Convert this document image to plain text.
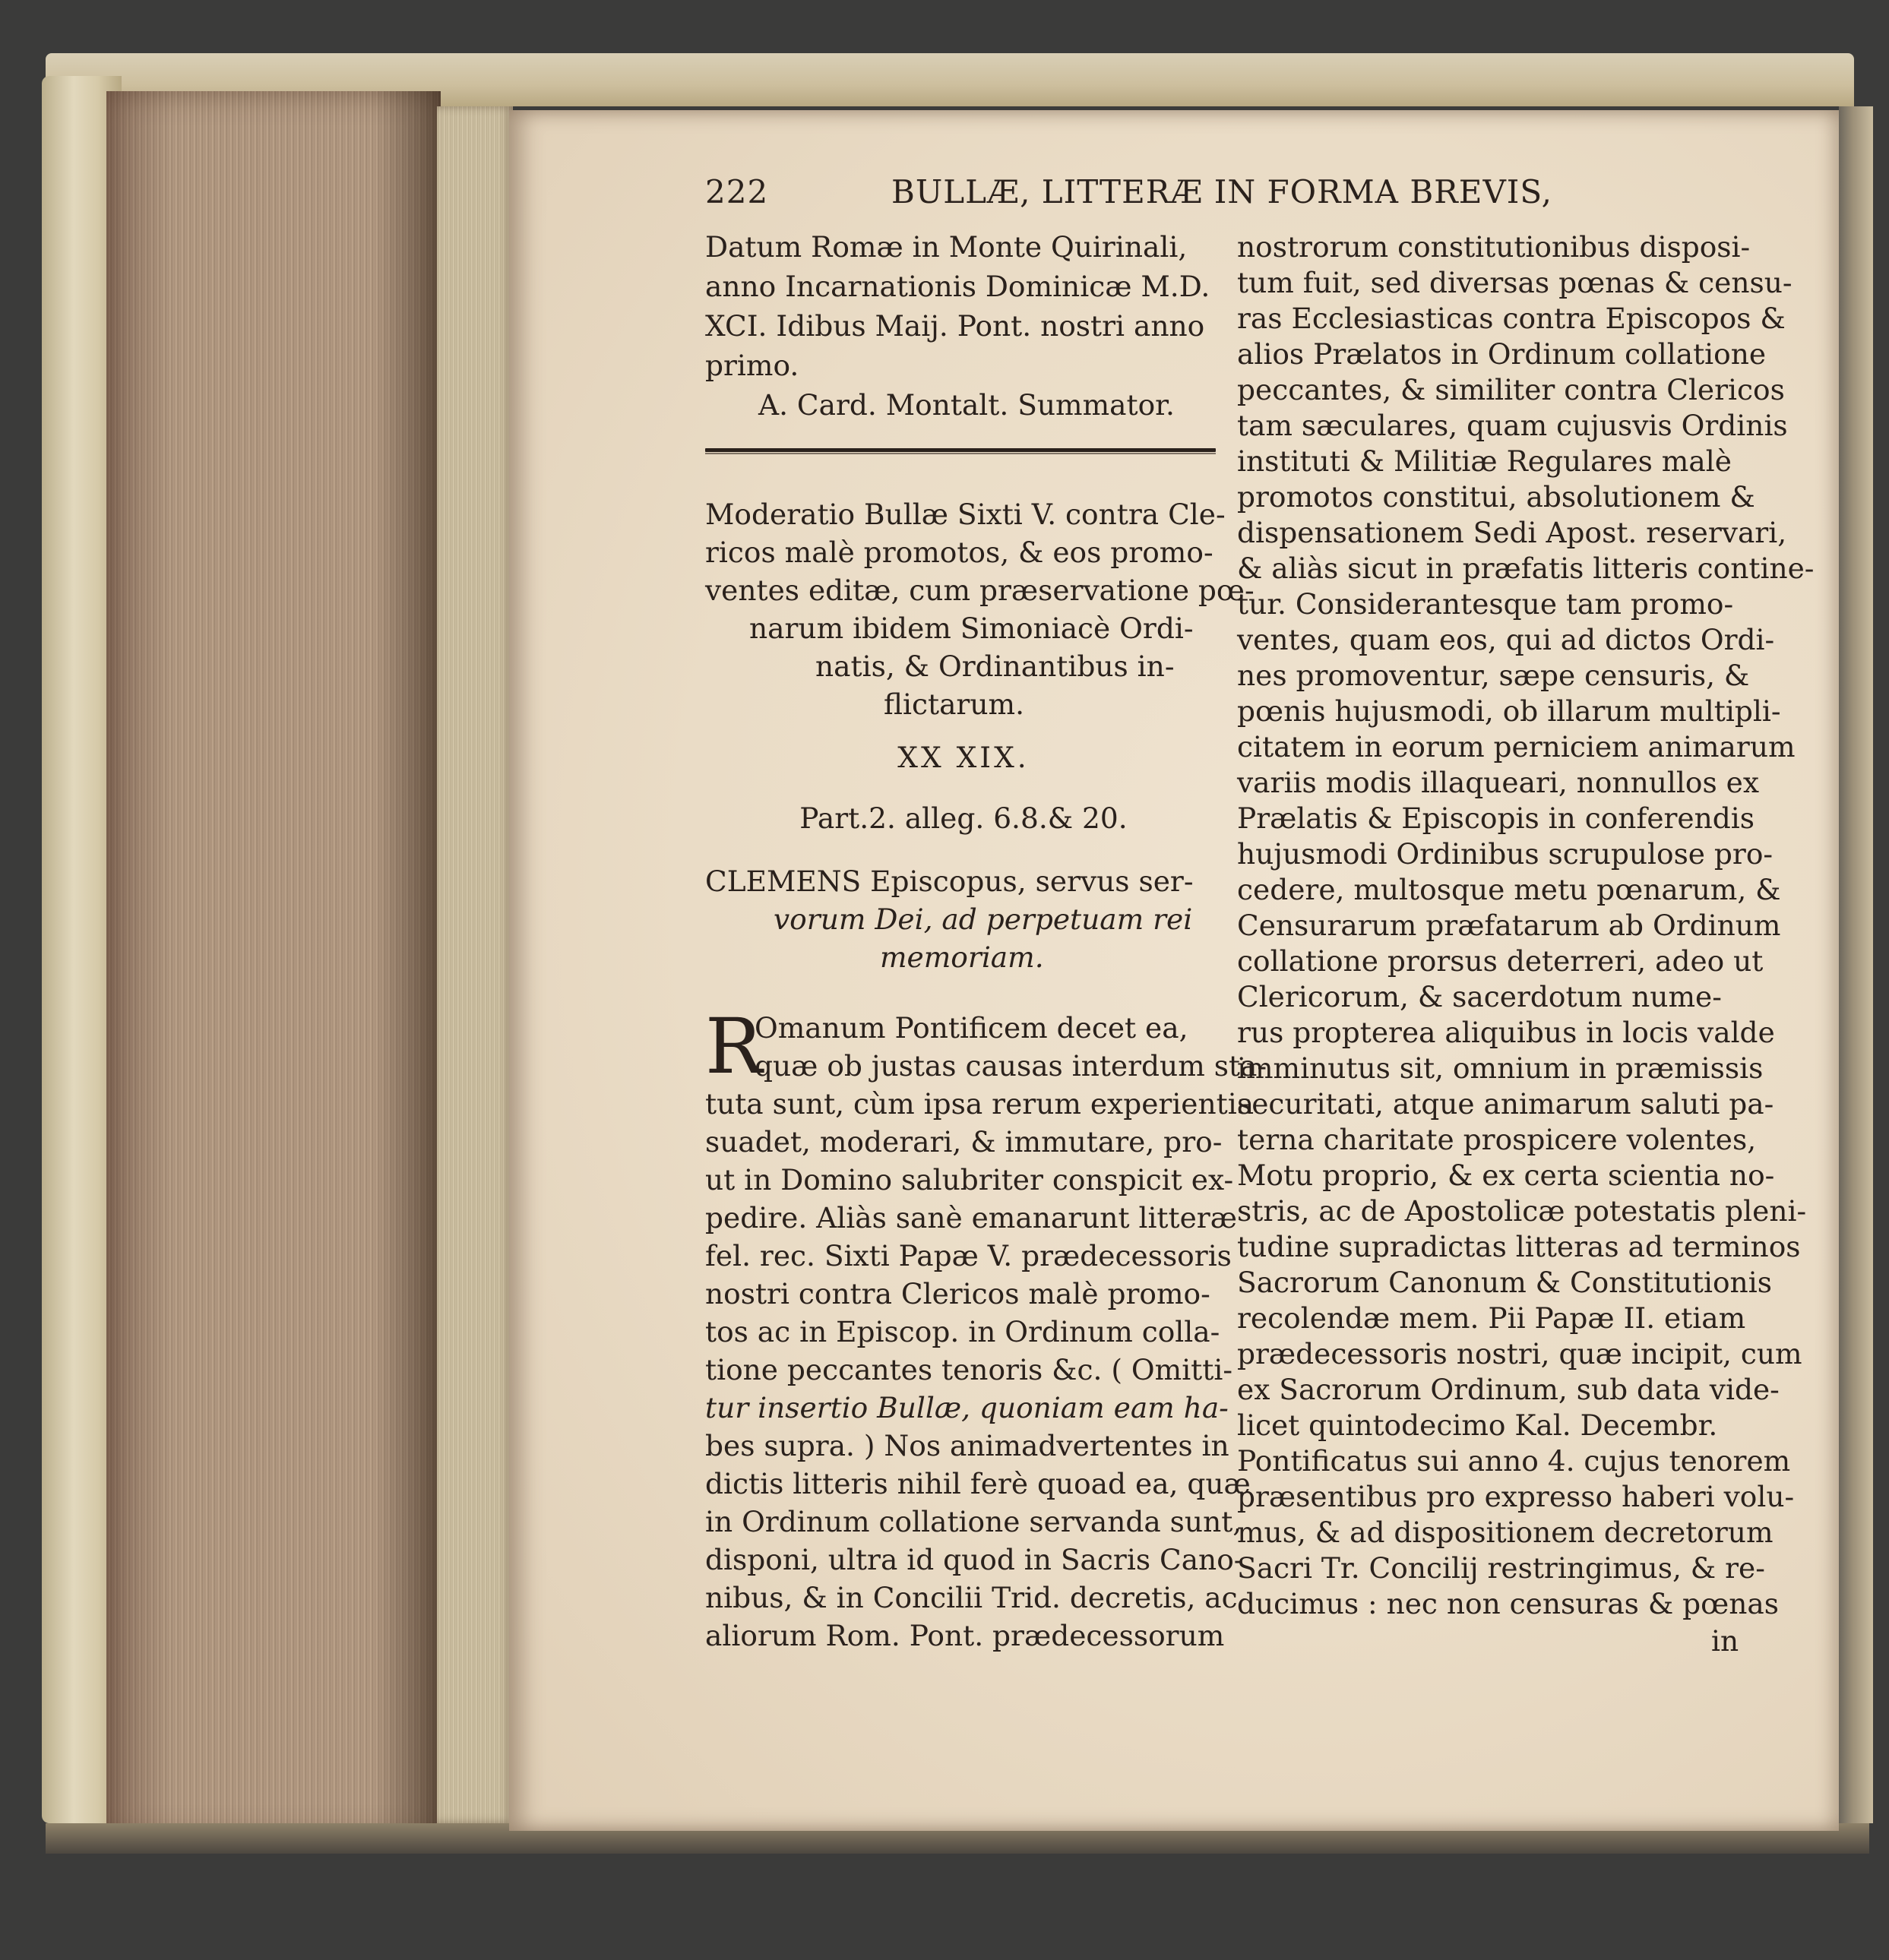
222	BULLÆ, LITTERÆ IN FORMA BREVIS,
Datum Romæ in Monte Quirinali,
anno Incarnationis Dominicæ M.D.
XCI. Idibus Maij. Pont. nostri anno
primo.
A. Card. Montalt. Summator.
Moderatio Bullæ Sixti V. contra Cle-
ricos malè promotos, & eos promo-
ventes editæ, cum præservatione pœ-
narum ibidem Simoniacè Ordi-
natis, & Ordinantibus in-
flictarum.
XX XIX.
Part.2. alleg. 6.8.& 20.
CLEMENS Episcopus, servus ser-
vorum Dei, ad perpetuam rei
memoriam.
R
Omanum Pontificem decet ea,
quæ ob justas causas interdum sta-
tuta sunt, cùm ipsa rerum experientia
suadet, moderari, & immutare, pro-
ut in Domino salubriter conspicit ex-
pedire. Aliàs sanè emanarunt litteræ
fel. rec. Sixti Papæ V. prædecessoris
nostri contra Clericos malè promo-
tos ac in Episcop. in Ordinum colla-
tione peccantes tenoris &c. ( Omitti-
tur insertio Bullæ, quoniam eam ha-
bes supra. ) Nos animadvertentes in
dictis litteris nihil ferè quoad ea, quæ
in Ordinum collatione servanda sunt,
disponi, ultra id quod in Sacris Cano-
nibus, & in Concilii Trid. decretis, ac
aliorum Rom. Pont. prædecessorum
nostrorum constitutionibus disposi-
tum fuit, sed diversas pœnas & censu-
ras Ecclesiasticas contra Episcopos &
alios Prælatos in Ordinum collatione
peccantes, & similiter contra Clericos
tam sæculares, quam cujusvis Ordinis
instituti & Militiæ Regulares malè
promotos constitui, absolutionem &
dispensationem Sedi Apost. reservari,
& aliàs sicut in præfatis litteris contine-
tur. Considerantesque tam promo-
ventes, quam eos, qui ad dictos Ordi-
nes promoventur, sæpe censuris, &
pœnis hujusmodi, ob illarum multipli-
citatem in eorum perniciem animarum
variis modis illaqueari, nonnullos ex
Prælatis & Episcopis in conferendis
hujusmodi Ordinibus scrupulose pro-
cedere, multosque metu pœnarum, &
Censurarum præfatarum ab Ordinum
collatione prorsus deterreri, adeo ut
Clericorum, & sacerdotum nume-
rus propterea aliquibus in locis valde
imminutus sit, omnium in præmissis
securitati, atque animarum saluti pa-
terna charitate prospicere volentes,
Motu proprio, & ex certa scientia no-
stris, ac de Apostolicæ potestatis pleni-
tudine supradictas litteras ad terminos
Sacrorum Canonum & Constitutionis
recolendæ mem. Pii Papæ II. etiam
prædecessoris nostri, quæ incipit, cum
ex Sacrorum Ordinum, sub data vide-
licet quintodecimo Kal. Decembr.
Pontificatus sui anno 4. cujus tenorem
præsentibus pro expresso haberi volu-
mus, & ad dispositionem decretorum
Sacri Tr. Concilij restringimus, & re-
ducimus : nec non censuras & pœnas
in
